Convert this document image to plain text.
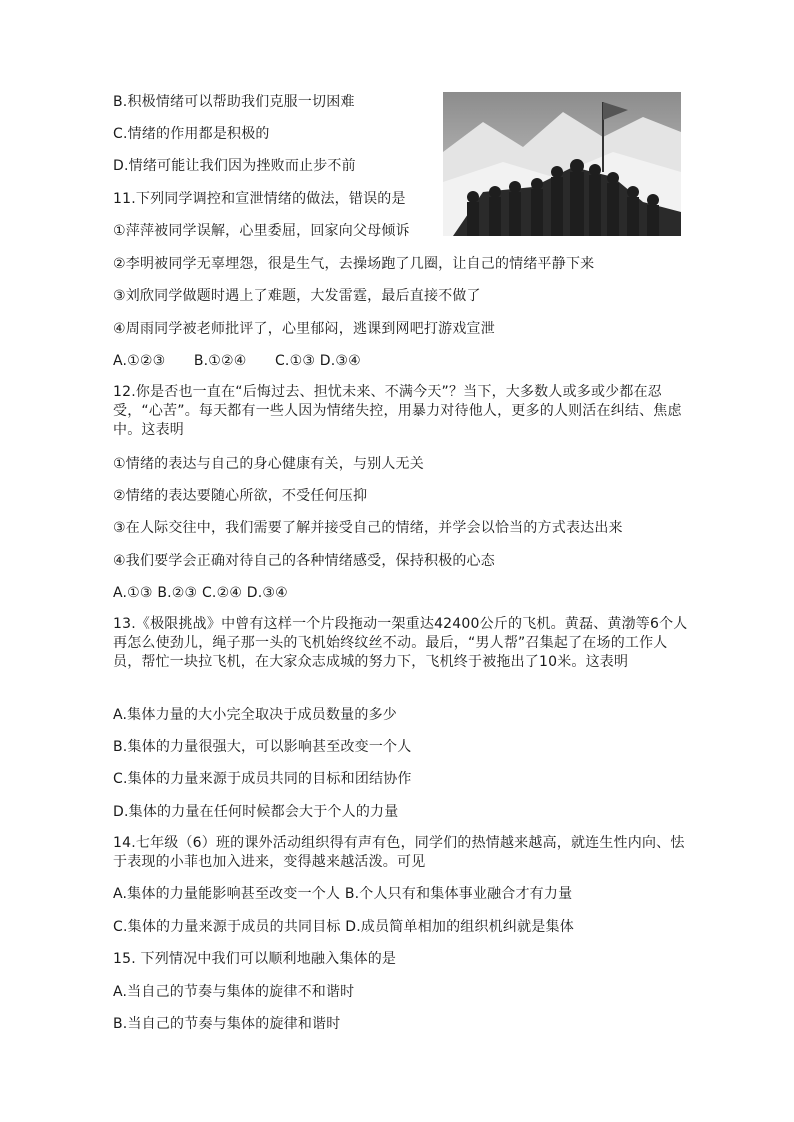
B.积极情绪可以帮助我们克服一切困难
C.情绪的作用都是积极的
D.情绪可能让我们因为挫败而止步不前
11.下列同学调控和宣泄情绪的做法，错误的是
①萍萍被同学误解，心里委屈，回家向父母倾诉
②李明被同学无辜埋怨，很是生气，去操场跑了几圈，让自己的情绪平静下来
③刘欣同学做题时遇上了难题，大发雷霆，最后直接不做了
④周雨同学被老师批评了，心里郁闷，逃课到网吧打游戏宣泄
A.①②③　　B.①②④　　C.①③ D.③④
12.你是否也一直在“后悔过去、担忧未来、不满今天”？当下，大多数人或多或少都在忍受，“心苦”。每天都有一些人因为情绪失控，用暴力对待他人，更多的人则活在纠结、焦虑中。这表明
①情绪的表达与自己的身心健康有关，与别人无关
②情绪的表达要随心所欲，不受任何压抑
③在人际交往中，我们需要了解并接受自己的情绪，并学会以恰当的方式表达出来
④我们要学会正确对待自己的各种情绪感受，保持积极的心态
A.①③ B.②③ C.②④ D.③④
13.《极限挑战》中曾有这样一个片段拖动一架重达42400公斤的飞机。黄磊、黄渤等6个人再怎么使劲儿，绳子那一头的飞机始终纹丝不动。最后，“男人帮”召集起了在场的工作人员，帮忙一块拉飞机，在大家众志成城的努力下，飞机终于被拖出了10米。这表明
A.集体力量的大小完全取决于成员数量的多少
B.集体的力量很强大，可以影响甚至改变一个人
C.集体的力量来源于成员共同的目标和团结协作
D.集体的力量在任何时候都会大于个人的力量
14.七年级（6）班的课外活动组织得有声有色，同学们的热情越来越高，就连生性内向、怯于表现的小菲也加入进来，变得越来越活泼。可见
A.集体的力量能影响甚至改变一个人 B.个人只有和集体事业融合才有力量
C.集体的力量来源于成员的共同目标 D.成员简单相加的组织机纠就是集体
15. 下列情况中我们可以顺利地融入集体的是
A.当自己的节奏与集体的旋律不和谐时
B.当自己的节奏与集体的旋律和谐时
